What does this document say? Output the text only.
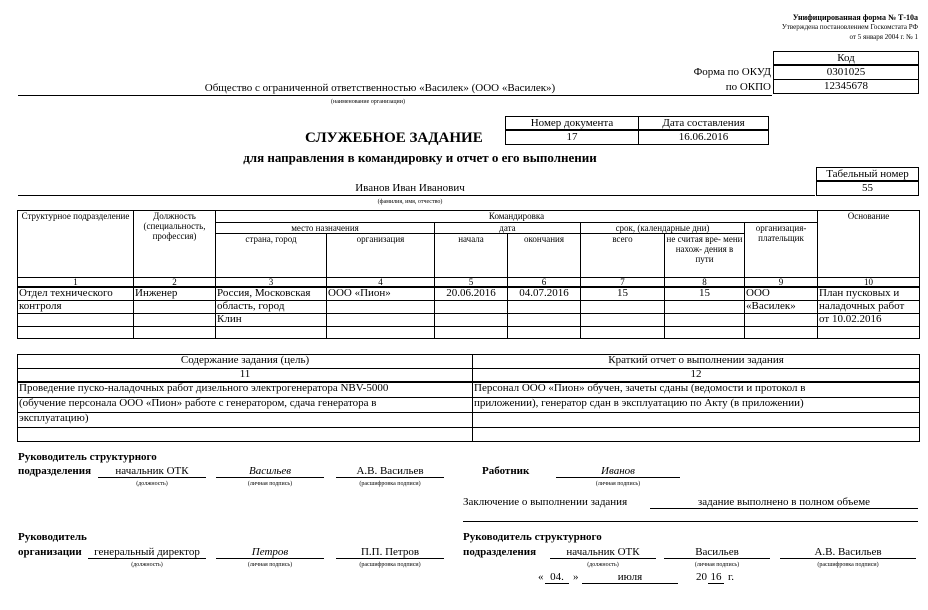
Унифицированная форма № Т-10а
Утверждена постановлением Госкомстата РФ
от 5 января 2004 г. № 1
Код
0301025
12345678
Форма по ОКУД
по ОКПО
Общество с ограниченной ответственностью «Василек» (ООО «Василек»)
(наименование организации)
Номер документа	Дата составления
17	16.06.2016
СЛУЖЕБНОЕ ЗАДАНИЕ
для направления в командировку и отчет о его выполнении
Табельный номер
55
Иванов Иван Иванович
(фамилия, имя, отчество)
Структурное подразделение	Должность (специальность, профессия)	Командировка							Основание
		место назначения		дата		срок, (календарные дни)		организация- плательщик	
		страна, город	организация	начала	окончания	всего	не считая вре- мени нахож- дения в пути		
1	2	3	4	5	6	7	8	9	10
Отдел технического	Инженер	Россия, Московская	ООО «Пион»	20.06.2016	04.07.2016	15	15	ООО	План пусковых и
контроля		область, город						«Василек»	наладочных работ
		Клин							от 10.02.2016

Содержание задания (цель)	Краткий отчет о выполнении задания
11	12
Проведение пуско-наладочных работ дизельного электрогенератора NBV-5000	Персонал ООО «Пион» обучен, зачеты сданы (ведомости и протокол в
(обучение персонала ООО «Пион» работе с генератором, сдача генератора в	приложении), генератор сдан в эксплуатацию по Акту (в приложении)
эксплуатацию)	

Руководитель структурного
подразделения	начальник ОТК
(должность)
Васильев
(личная подпись)
А.В. Васильев
(расшифровка подписи)
Работник	Иванов
(личная подпись)
Заключение о выполнении задания	задание выполнено в полном объеме
Руководитель
организации	генеральный директор
(должность)
Петров
(личная подпись)
П.П. Петров
(расшифровка подписи)
Руководитель структурного
подразделения	начальник ОТК
(должность)
Васильев
(личная подпись)
А.В. Васильев
(расшифровка подписи)
« 04. »	июля	20 16 г.
